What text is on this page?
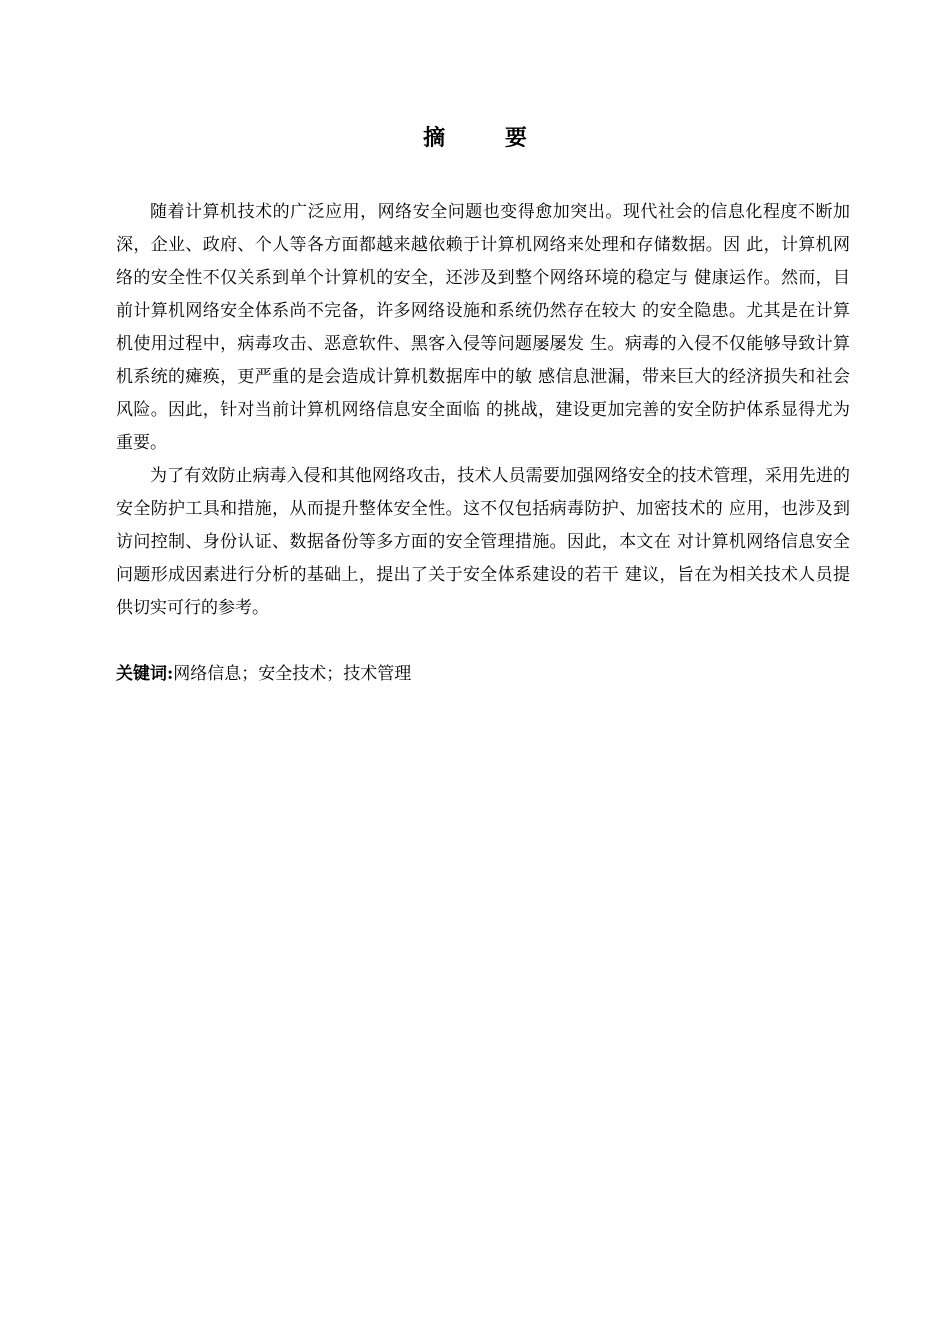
摘 要

随着计算机技术的广泛应用，网络安全问题也变得愈加突出。现代社会的信息化程度不断加深，企业、政府、个人等各方面都越来越依赖于计算机网络来处理和存储数据。因 此，计算机网络的安全性不仅关系到单个计算机的安全，还涉及到整个网络环境的稳定与 健康运作。然而，目前计算机网络安全体系尚不完备，许多网络设施和系统仍然存在较大 的安全隐患。尤其是在计算机使用过程中，病毒攻击、恶意软件、黑客入侵等问题屡屡发 生。病毒的入侵不仅能够导致计算机系统的瘫痪，更严重的是会造成计算机数据库中的敏 感信息泄漏，带来巨大的经济损失和社会风险。因此，针对当前计算机网络信息安全面临 的挑战，建设更加完善的安全防护体系显得尤为重要。

为了有效防止病毒入侵和其他网络攻击，技术人员需要加强网络安全的技术管理，采用先进的安全防护工具和措施，从而提升整体安全性。这不仅包括病毒防护、加密技术的 应用，也涉及到访问控制、身份认证、数据备份等多方面的安全管理措施。因此，本文在 对计算机网络信息安全问题形成因素进行分析的基础上，提出了关于安全体系建设的若干 建议，旨在为相关技术人员提供切实可行的参考。

关键词:网络信息；安全技术；技术管理
